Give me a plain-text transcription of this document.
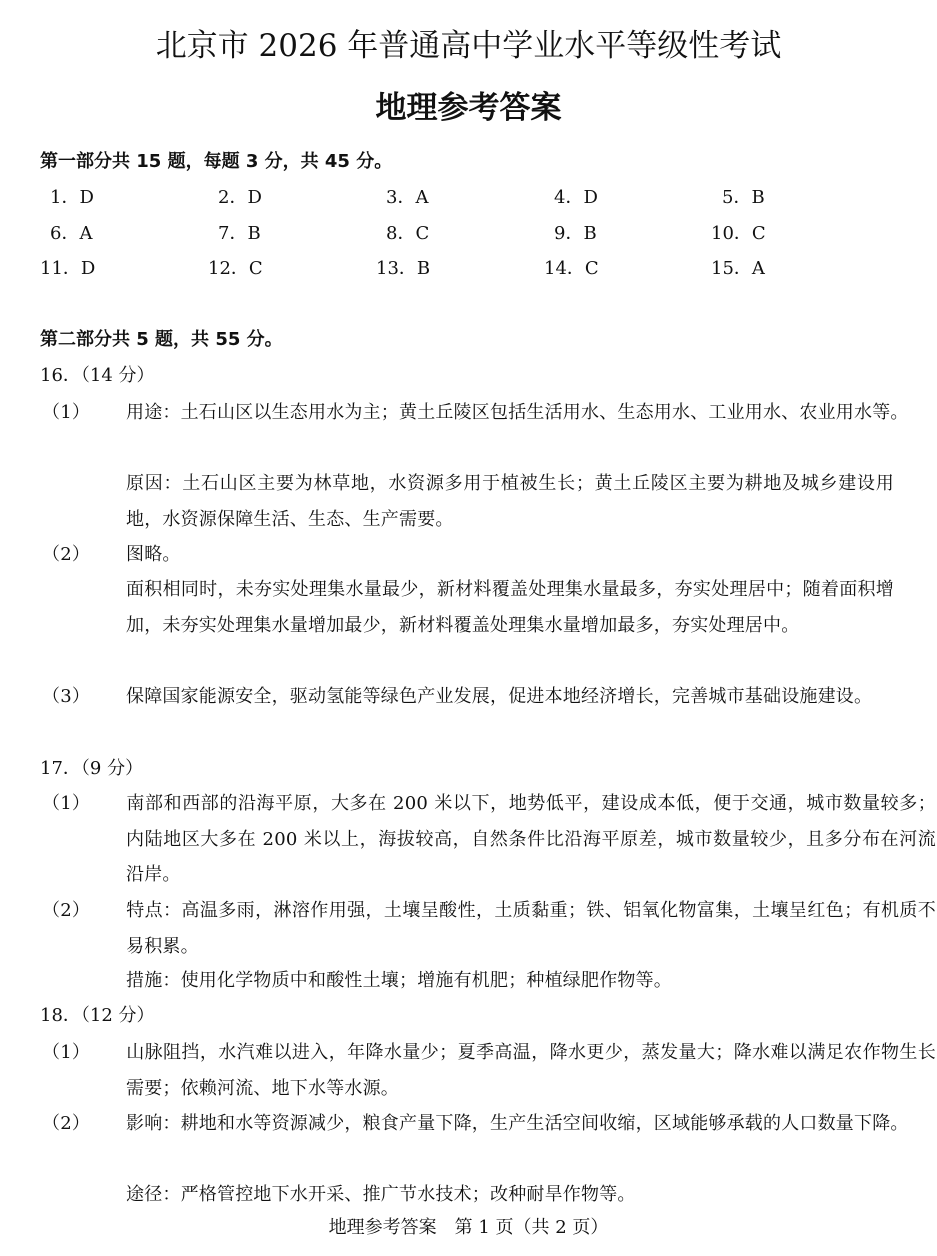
北京市 2026 年普通高中学业水平等级性考试
地理参考答案
第一部分共 15 题，每题 3 分，共 45 分。
1．D	2．D	3．A	4．D	5．B
6．A	7．B	8．C	9．B	10．C
11．D	12．C	13．B	14．C	15．A
第二部分共 5 题，共 55 分。
16．（14 分）
（1） 用途：土石山区以生态用水为主；黄土丘陵区包括生活用水、生态用水、工业用水、农业用水等。
原因：土石山区主要为林草地，水资源多用于植被生长；黄土丘陵区主要为耕地及城乡建设用地，水资源保障生活、生态、生产需要。
（2） 图略。
面积相同时，未夯实处理集水量最少，新材料覆盖处理集水量最多，夯实处理居中；随着面积增加，未夯实处理集水量增加最少，新材料覆盖处理集水量增加最多，夯实处理居中。
（3） 保障国家能源安全，驱动氢能等绿色产业发展，促进本地经济增长，完善城市基础设施建设。
17．（9 分）
（1） 南部和西部的沿海平原，大多在 200 米以下，地势低平，建设成本低，便于交通，城市数量较多；内陆地区大多在 200 米以上，海拔较高，自然条件比沿海平原差，城市数量较少，且多分布在河流沿岸。
（2） 特点：高温多雨，淋溶作用强，土壤呈酸性，土质黏重；铁、铝氧化物富集，土壤呈红色；有机质不易积累。
措施：使用化学物质中和酸性土壤；增施有机肥；种植绿肥作物等。
18．（12 分）
（1） 山脉阻挡，水汽难以进入，年降水量少；夏季高温，降水更少，蒸发量大；降水难以满足农作物生长需要；依赖河流、地下水等水源。
（2） 影响：耕地和水等资源减少，粮食产量下降，生产生活空间收缩，区域能够承载的人口数量下降。
途径：严格管控地下水开采、推广节水技术；改种耐旱作物等。
地理参考答案　第 1 页（共 2 页）
